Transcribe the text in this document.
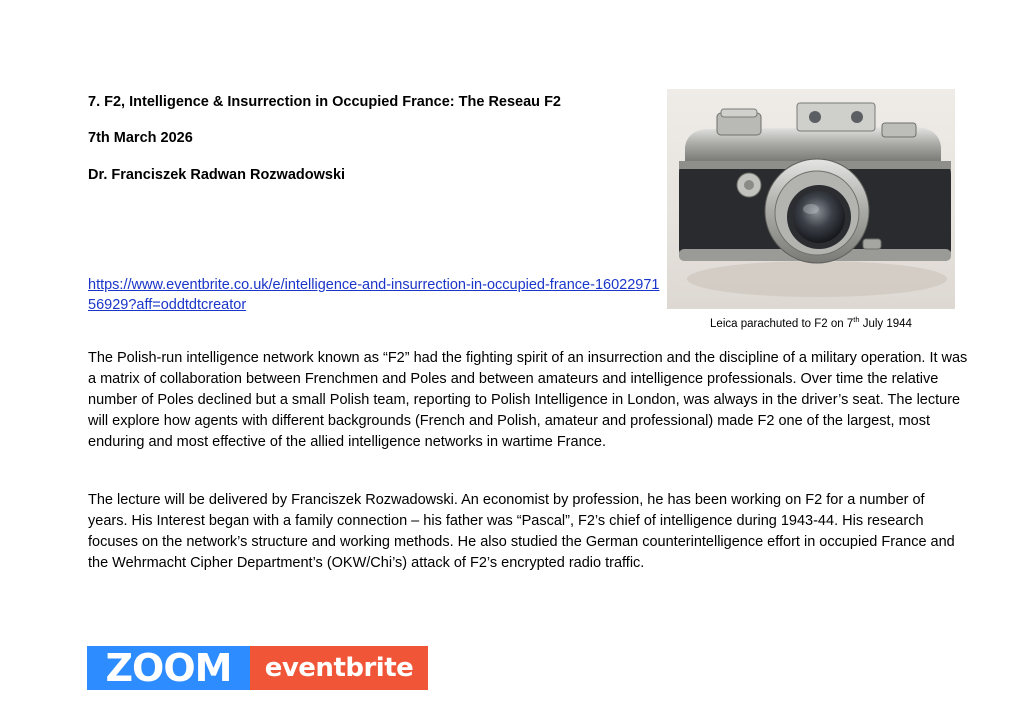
7. F2, Intelligence & Insurrection in Occupied France: The Reseau F2
7th March 2026
Dr. Franciszek Radwan Rozwadowski
https://www.eventbrite.co.uk/e/intelligence-and-insurrection-in-occupied-france-1602297156929?aff=oddtdtcreator
Leica parachuted to F2 on 7th July 1944

The Polish-run intelligence network known as “F2” had the fighting spirit of an insurrection and the discipline of a military operation. It was a matrix of collaboration between Frenchmen and Poles and between amateurs and intelligence professionals. Over time the relative number of Poles declined but a small Polish team, reporting to Polish Intelligence in London, was always in the driver’s seat. The lecture will explore how agents with different backgrounds (French and Polish, amateur and professional) made F2 one of the largest, most enduring and most effective of the allied intelligence networks in wartime France.

The lecture will be delivered by Franciszek Rozwadowski. An economist by profession, he has been working on F2 for a number of years. His Interest began with a family connection – his father was “Pascal”, F2’s chief of intelligence during 1943-44. His research focuses on the network’s structure and working methods. He also studied the German counterintelligence effort in occupied France and the Wehrmacht Cipher Department’s (OKW/Chi’s) attack of F2’s encrypted radio traffic.

ZOOM	eventbrite
